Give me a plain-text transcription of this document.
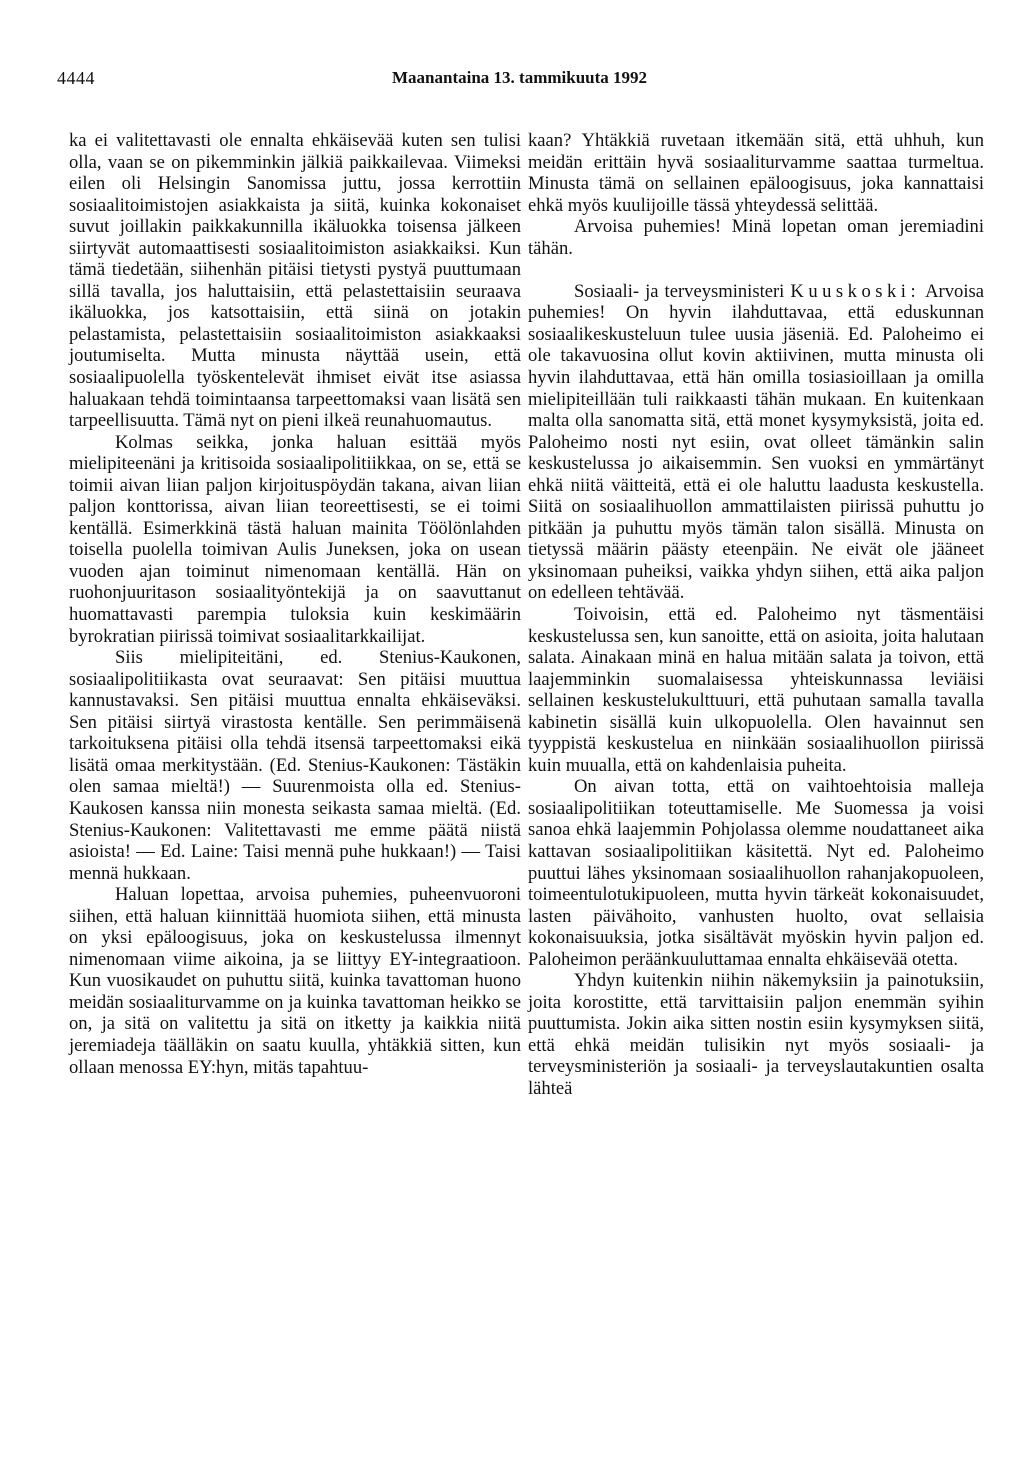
4444	Maanantaina 13. tammikuuta 1992

ka ei valitettavasti ole ennalta ehkäisevää kuten sen tulisi olla, vaan se on pikemminkin jälkiä paikkailevaa. Viimeksi eilen oli Helsingin Sanomissa juttu, jossa kerrottiin sosiaalitoimistojen asiakkaista ja siitä, kuinka kokonaiset suvut joillakin paikkakunnilla ikäluokka toisensa jälkeen siirtyvät automaattisesti sosiaalitoimiston asiakkaiksi. Kun tämä tiedetään, siihenhän pitäisi tietysti pystyä puuttumaan sillä tavalla, jos haluttaisiin, että pelastettaisiin seuraava ikäluokka, jos katsottaisiin, että siinä on jotakin pelastamista, pelastettaisiin sosiaalitoimiston asiakkaaksi joutumiselta. Mutta minusta näyttää usein, että sosiaalipuolella työskentelevät ihmiset eivät itse asiassa haluakaan tehdä toimintaansa tarpeettomaksi vaan lisätä sen tarpeellisuutta. Tämä nyt on pieni ilkeä reunahuomautus.

Kolmas seikka, jonka haluan esittää myös mielipiteenäni ja kritisoida sosiaalipolitiikkaa, on se, että se toimii aivan liian paljon kirjoituspöydän takana, aivan liian paljon konttorissa, aivan liian teoreettisesti, se ei toimi kentällä. Esimerkkinä tästä haluan mainita Töölönlahden toisella puolella toimivan Aulis Juneksen, joka on usean vuoden ajan toiminut nimenomaan kentällä. Hän on ruohonjuuritason sosiaalityöntekijä ja on saavuttanut huomattavasti parempia tuloksia kuin keskimäärin byrokratian piirissä toimivat sosiaalitarkkailijat.

Siis mielipiteitäni, ed. Stenius-Kaukonen, sosiaalipolitiikasta ovat seuraavat: Sen pitäisi muuttua kannustavaksi. Sen pitäisi muuttua ennalta ehkäiseväksi. Sen pitäisi siirtyä virastosta kentälle. Sen perimmäisenä tarkoituksena pitäisi olla tehdä itsensä tarpeettomaksi eikä lisätä omaa merkitystään. (Ed. Stenius-Kaukonen: Tästäkin olen samaa mieltä!) — Suurenmoista olla ed. Stenius-Kaukosen kanssa niin monesta seikasta samaa mieltä. (Ed. Stenius-Kaukonen: Valitettavasti me emme päätä niistä asioista! — Ed. Laine: Taisi mennä puhe hukkaan!) — Taisi mennä hukkaan.

Haluan lopettaa, arvoisa puhemies, puheenvuoroni siihen, että haluan kiinnittää huomiota siihen, että minusta on yksi epäloogisuus, joka on keskustelussa ilmennyt nimenomaan viime aikoina, ja se liittyy EY-integraatioon. Kun vuosikaudet on puhuttu siitä, kuinka tavattoman huono meidän sosiaaliturvamme on ja kuinka tavattoman heikko se on, ja sitä on valitettu ja sitä on itketty ja kaikkia niitä jeremiadeja täälläkin on saatu kuulla, yhtäkkiä sitten, kun ollaan menossa EY:hyn, mitäs tapahtuu-

kaan? Yhtäkkiä ruvetaan itkemään sitä, että uhhuh, kun meidän erittäin hyvä sosiaaliturvamme saattaa turmeltua. Minusta tämä on sellainen epäloogisuus, joka kannattaisi ehkä myös kuulijoille tässä yhteydessä selittää.

Arvoisa puhemies! Minä lopetan oman jeremiadini tähän.

Sosiaali- ja terveysministeri Kuuskoski: Arvoisa puhemies! On hyvin ilahduttavaa, että eduskunnan sosiaalikeskusteluun tulee uusia jäseniä. Ed. Paloheimo ei ole takavuosina ollut kovin aktiivinen, mutta minusta oli hyvin ilahduttavaa, että hän omilla tosiasioillaan ja omilla mielipiteillään tuli raikkaasti tähän mukaan. En kuitenkaan malta olla sanomatta sitä, että monet kysymyksistä, joita ed. Paloheimo nosti nyt esiin, ovat olleet tämänkin salin keskustelussa jo aikaisemmin. Sen vuoksi en ymmärtänyt ehkä niitä väitteitä, että ei ole haluttu laadusta keskustella. Siitä on sosiaalihuollon ammattilaisten piirissä puhuttu jo pitkään ja puhuttu myös tämän talon sisällä. Minusta on tietyssä määrin päästy eteenpäin. Ne eivät ole jääneet yksinomaan puheiksi, vaikka yhdyn siihen, että aika paljon on edelleen tehtävää.

Toivoisin, että ed. Paloheimo nyt täsmentäisi keskustelussa sen, kun sanoitte, että on asioita, joita halutaan salata. Ainakaan minä en halua mitään salata ja toivon, että laajemminkin suomalaisessa yhteiskunnassa leviäisi sellainen keskustelukulttuuri, että puhutaan samalla tavalla kabinetin sisällä kuin ulkopuolella. Olen havainnut sen tyyppistä keskustelua en niinkään sosiaalihuollon piirissä kuin muualla, että on kahdenlaisia puheita.

On aivan totta, että on vaihtoehtoisia malleja sosiaalipolitiikan toteuttamiselle. Me Suomessa ja voisi sanoa ehkä laajemmin Pohjolassa olemme noudattaneet aika kattavan sosiaalipolitiikan käsitettä. Nyt ed. Paloheimo puuttui lähes yksinomaan sosiaalihuollon rahanjakopuoleen, toimeentulotukipuoleen, mutta hyvin tärkeät kokonaisuudet, lasten päivähoito, vanhusten huolto, ovat sellaisia kokonaisuuksia, jotka sisältävät myöskin hyvin paljon ed. Paloheimon peräänkuuluttamaa ennalta ehkäisevää otetta.

Yhdyn kuitenkin niihin näkemyksiin ja painotuksiin, joita korostitte, että tarvittaisiin paljon enemmän syihin puuttumista. Jokin aika sitten nostin esiin kysymyksen siitä, että ehkä meidän tulisikin nyt myös sosiaali- ja terveysministeriön ja sosiaali- ja terveyslautakuntien osalta lähteä
